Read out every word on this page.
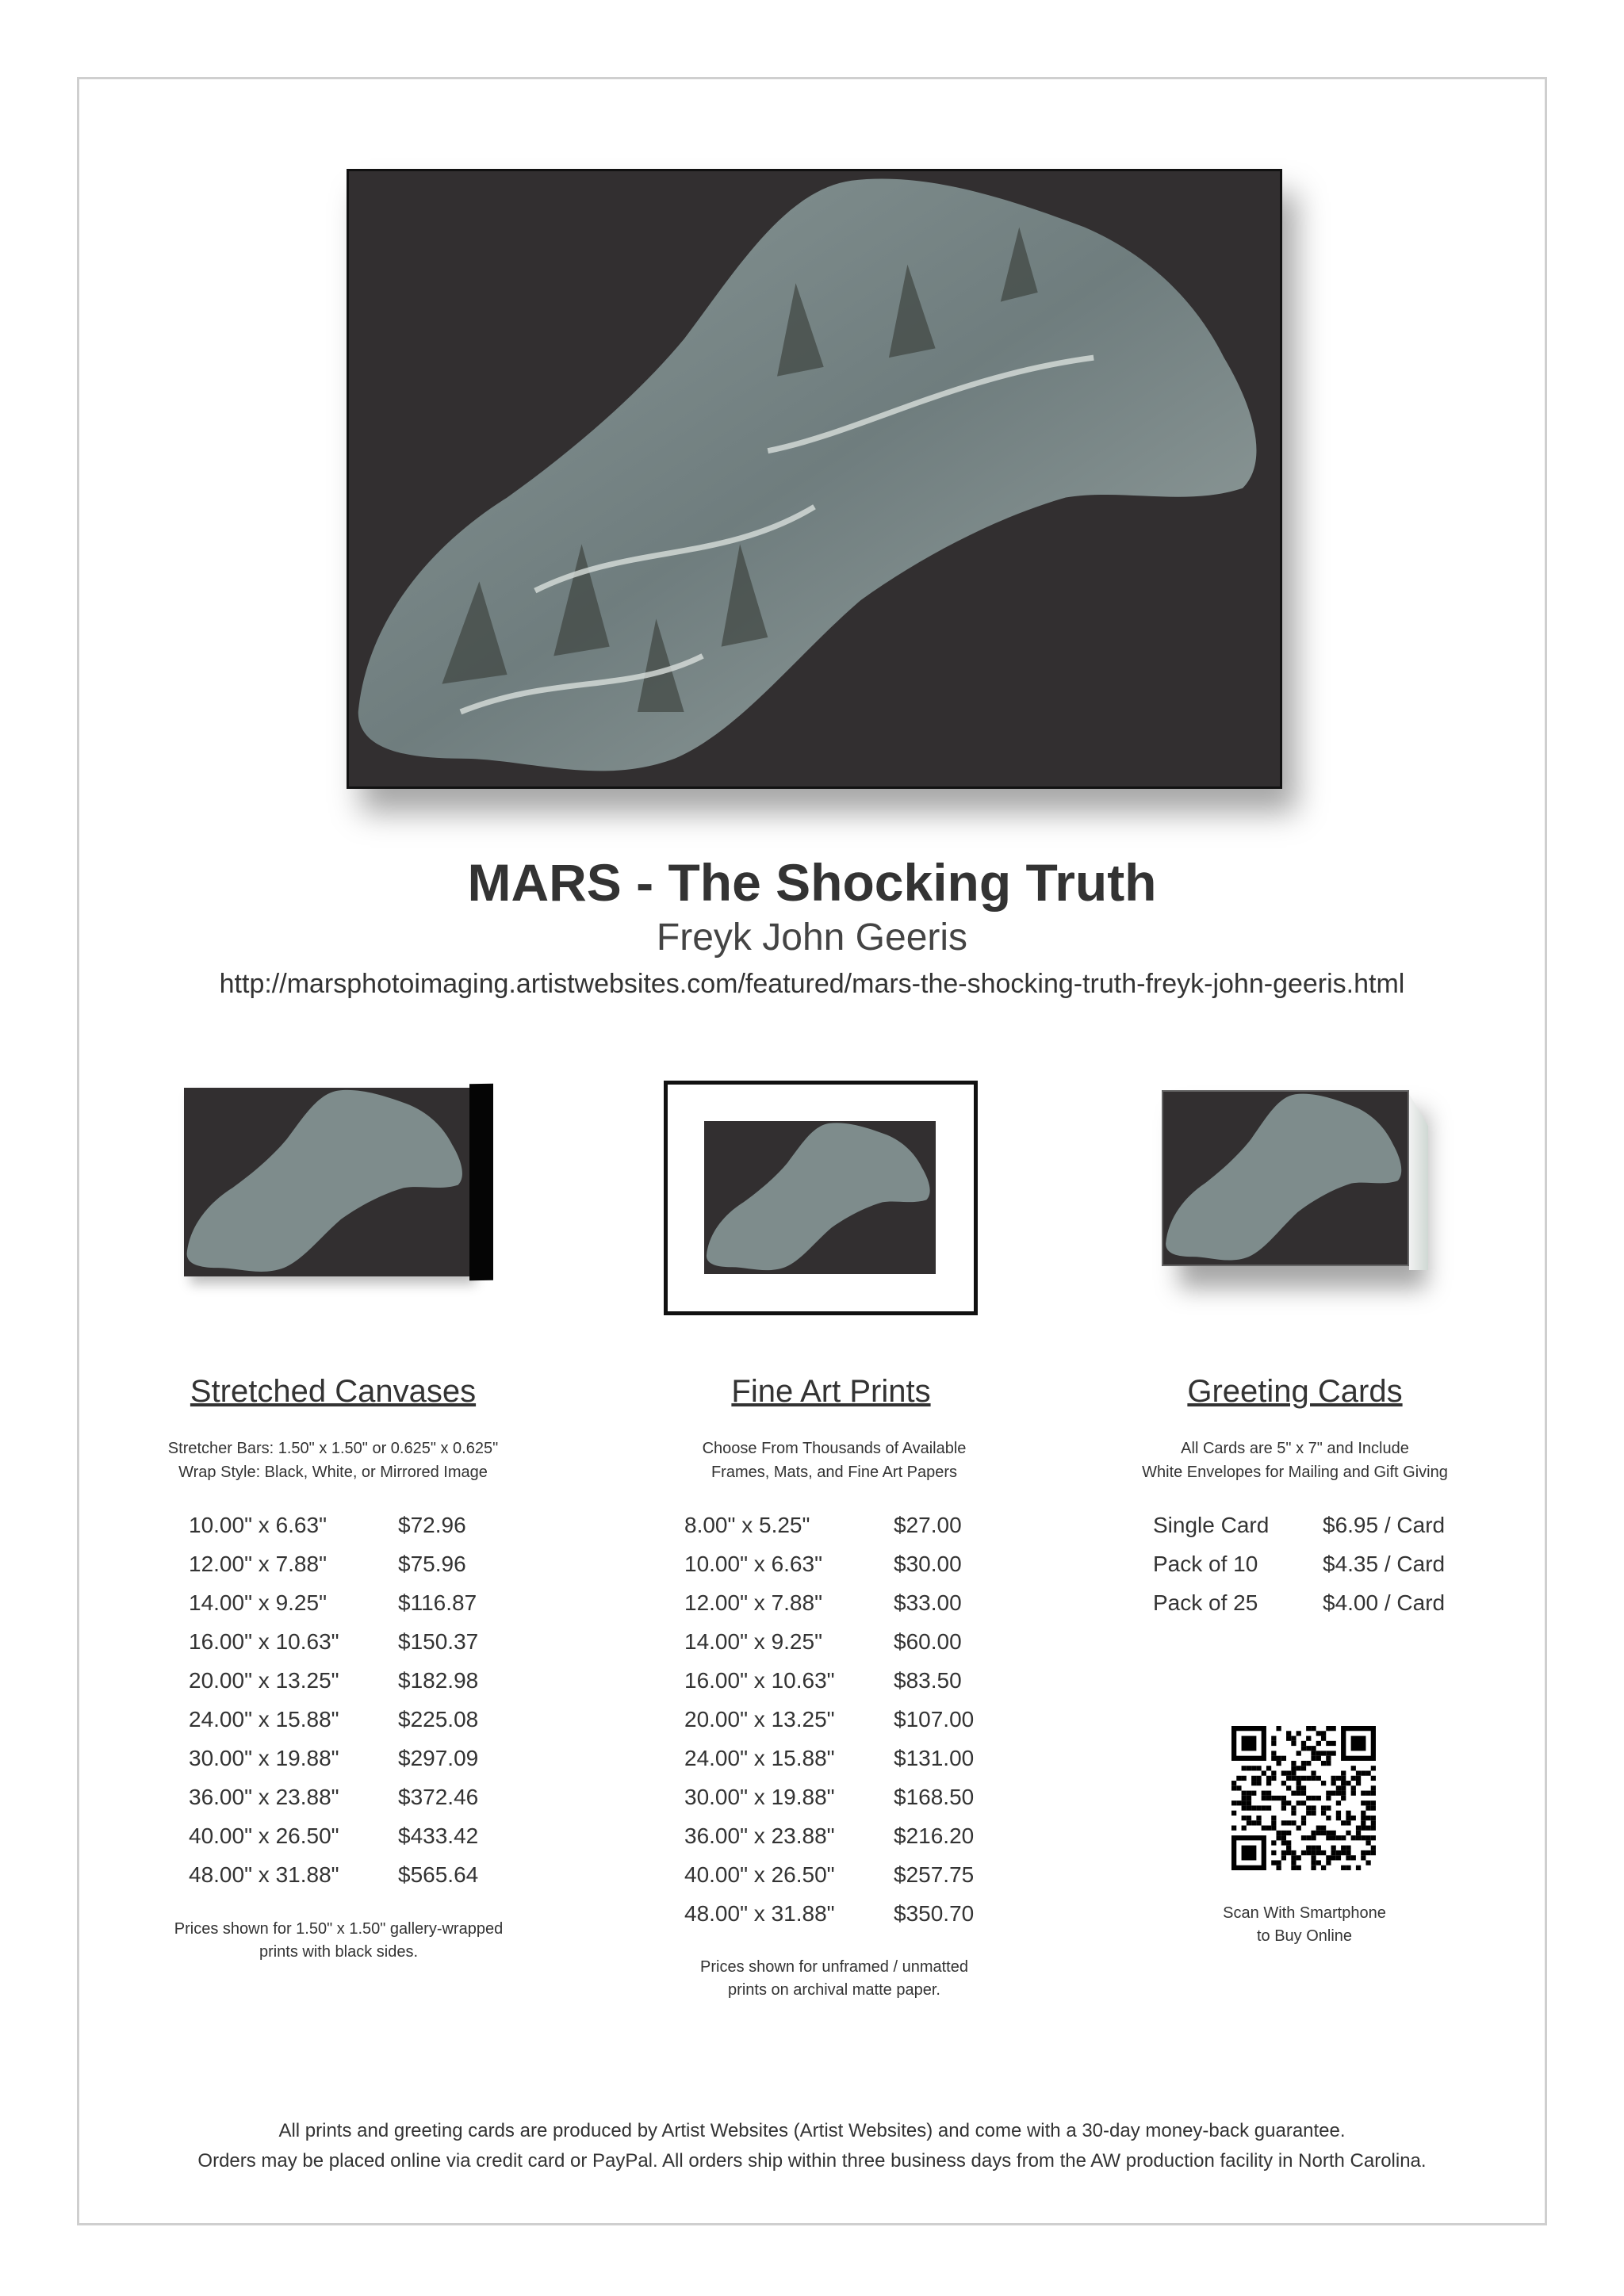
MARS - The Shocking Truth
Freyk John Geeris
http://marsphotoimaging.artistwebsites.com/featured/mars-the-shocking-truth-freyk-john-geeris.html
Stretched Canvases
Stretcher Bars: 1.50" x 1.50" or 0.625" x 0.625"
Wrap Style: Black, White, or Mirrored Image
10.00" x 6.63"	$72.96
12.00" x 7.88"	$75.96
14.00" x 9.25"	$116.87
16.00" x 10.63"	$150.37
20.00" x 13.25"	$182.98
24.00" x 15.88"	$225.08
30.00" x 19.88"	$297.09
36.00" x 23.88"	$372.46
40.00" x 26.50"	$433.42
48.00" x 31.88"	$565.64
Prices shown for 1.50" x 1.50" gallery-wrapped
prints with black sides.
Fine Art Prints
Choose From Thousands of Available
Frames, Mats, and Fine Art Papers
8.00" x 5.25"	$27.00
10.00" x 6.63"	$30.00
12.00" x 7.88"	$33.00
14.00" x 9.25"	$60.00
16.00" x 10.63"	$83.50
20.00" x 13.25"	$107.00
24.00" x 15.88"	$131.00
30.00" x 19.88"	$168.50
36.00" x 23.88"	$216.20
40.00" x 26.50"	$257.75
48.00" x 31.88"	$350.70
Prices shown for unframed / unmatted
prints on archival matte paper.
Greeting Cards
All Cards are 5" x 7" and Include
White Envelopes for Mailing and Gift Giving
Single Card $6.95 / Card
Pack of 10	$4.35 / Card
Pack of 25	$4.00 / Card
Scan With Smartphone
to Buy Online
All prints and greeting cards are produced by Artist Websites (Artist Websites) and come with a 30-day money-back guarantee.
Orders may be placed online via credit card or PayPal. All orders ship within three business days from the AW production facility in North Carolina.
